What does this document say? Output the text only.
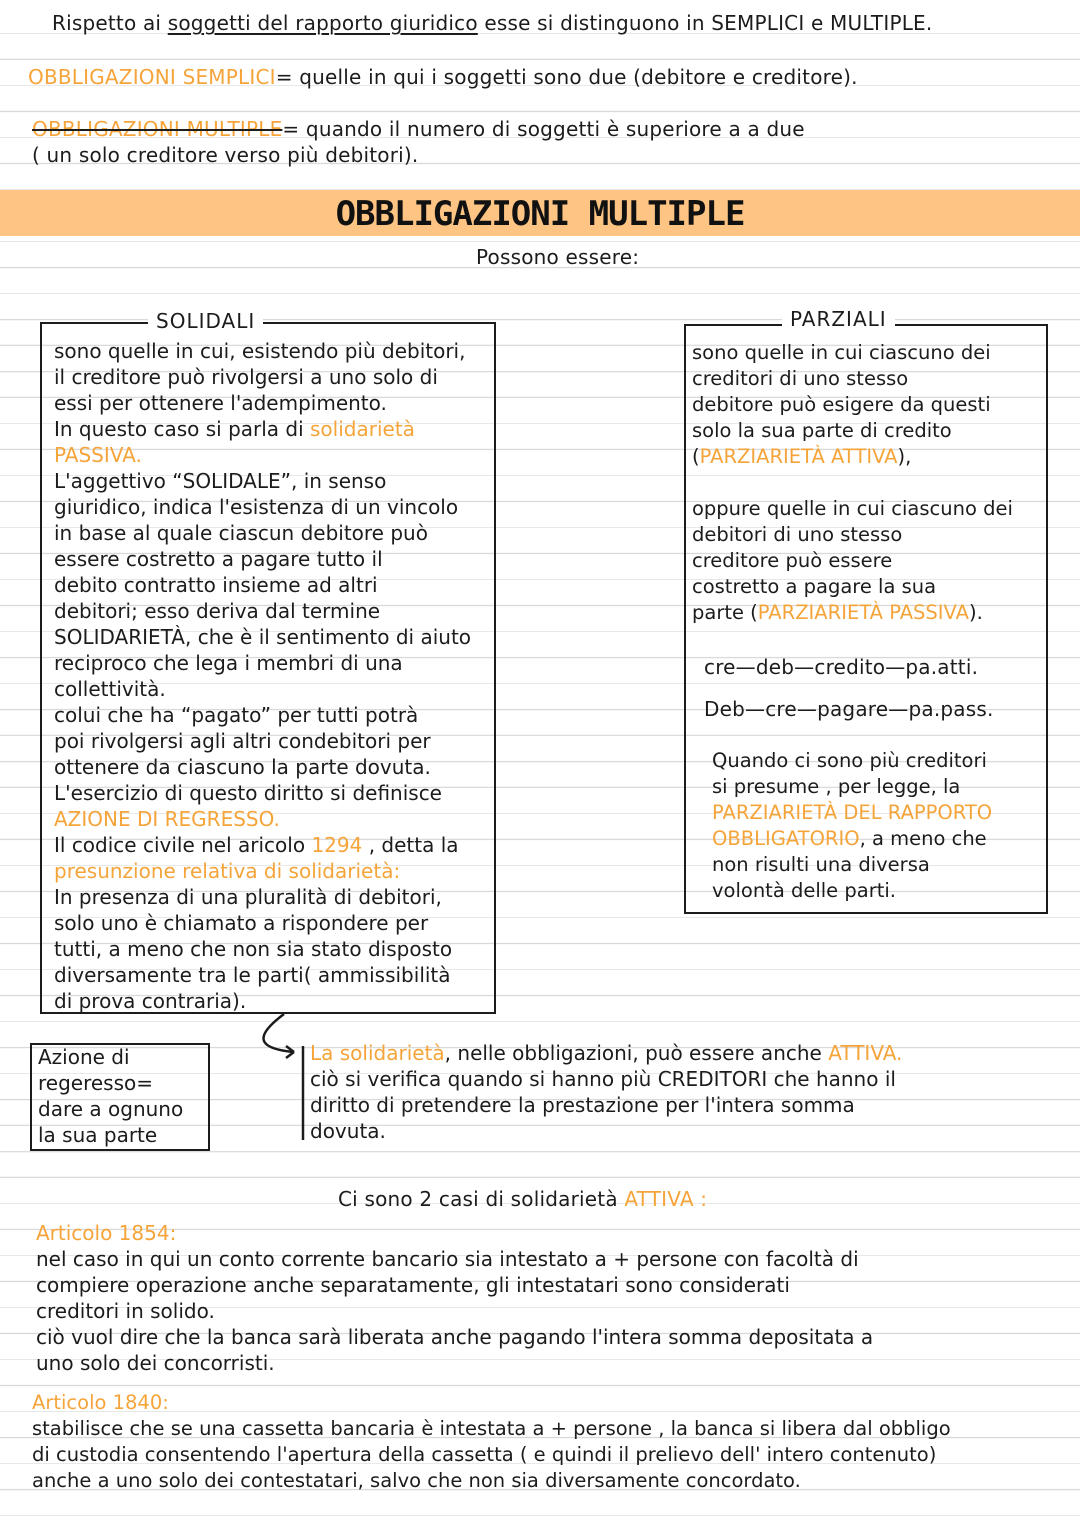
Rispetto ai soggetti del rapporto giuridico esse si distinguono in SEMPLICI e MULTIPLE.
OBBLIGAZIONI SEMPLICI= quelle in qui i soggetti sono due (debitore e creditore).
OBBLIGAZIONI MULTIPLE= quando il numero di soggetti è superiore a a due
( un solo creditore verso più debitori).
OBBLIGAZIONI MULTIPLE
Possono essere:
SOLIDALI
sono quelle in cui, esistendo più debitori,
il creditore può rivolgersi a uno solo di
essi per ottenere l'adempimento.
In questo caso si parla di solidarietà
PASSIVA.
L'aggettivo “SOLIDALE”, in senso
giuridico, indica l'esistenza di un vincolo
in base al quale ciascun debitore può
essere costretto a pagare tutto il
debito contratto insieme ad altri
debitori; esso deriva dal termine
SOLIDARIETÀ, che è il sentimento di aiuto
reciproco che lega i membri di una
collettività.
colui che ha “pagato” per tutti potrà
poi rivolgersi agli altri condebitori per
ottenere da ciascuno la parte dovuta.
L'esercizio di questo diritto si definisce
AZIONE DI REGRESSO.
Il codice civile nel aricolo 1294 , detta la
presunzione relativa di solidarietà:
In presenza di una pluralità di debitori,
solo uno è chiamato a rispondere per
tutti, a meno che non sia stato disposto
diversamente tra le parti( ammissibilità
di prova contraria).
PARZIALI
sono quelle in cui ciascuno dei
creditori di uno stesso
debitore può esigere da questi
solo la sua parte di credito
(PARZIARIETÀ ATTIVA),
oppure quelle in cui ciascuno dei
debitori di uno stesso
creditore può essere
costretto a pagare la sua
parte (PARZIARIETÀ PASSIVA).
cre—deb—credito—pa.atti.
Deb—cre—pagare—pa.pass.
Quando ci sono più creditori
si presume , per legge, la
PARZIARIETÀ DEL RAPPORTO
OBBLIGATORIO, a meno che
non risulti una diversa
volontà delle parti.
Azione di
regeresso=
dare a ognuno
la sua parte
La solidarietà, nelle obbligazioni, può essere anche ATTIVA.
ciò si verifica quando si hanno più CREDITORI che hanno il
diritto di pretendere la prestazione per l'intera somma
dovuta.
Ci sono 2 casi di solidarietà ATTIVA :
Articolo 1854:
nel caso in qui un conto corrente bancario sia intestato a + persone con facoltà di
compiere operazione anche separatamente, gli intestatari sono considerati
creditori in solido.
ciò vuol dire che la banca sarà liberata anche pagando l'intera somma depositata a
uno solo dei concorristi.
Articolo 1840:
stabilisce che se una cassetta bancaria è intestata a + persone , la banca si libera dal obbligo
di custodia consentendo l'apertura della cassetta ( e quindi il prelievo dell' intero contenuto)
anche a uno solo dei contestatari, salvo che non sia diversamente concordato.
